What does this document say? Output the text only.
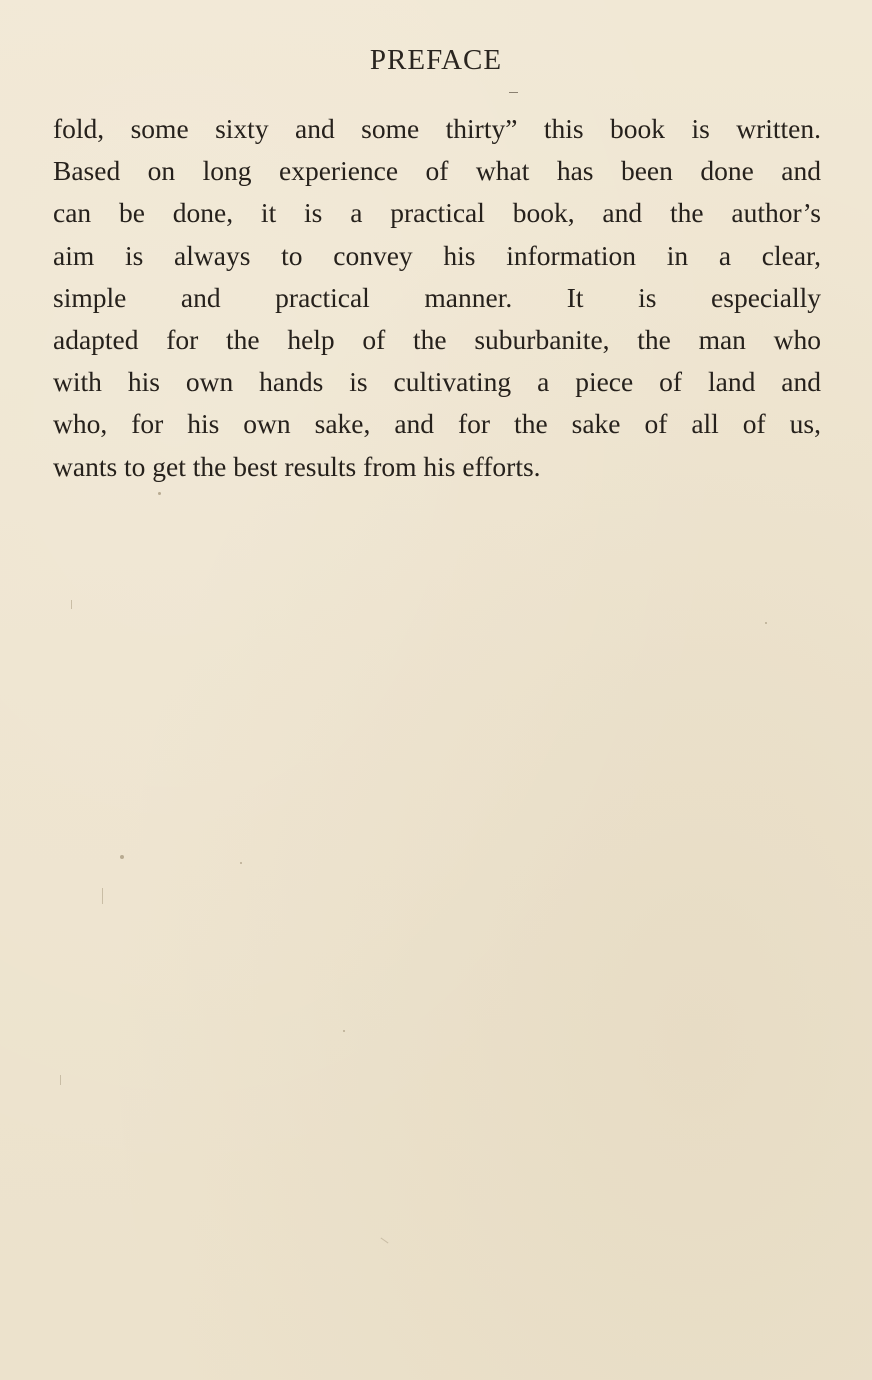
PREFACE
fold, some sixty and some thirty” this book is written.
Based on long experience of what has been done and
can be done, it is a practical book, and the author’s
aim is always to convey his information in a clear,
simple and practical manner. It is especially
adapted for the help of the suburbanite, the man who
with his own hands is cultivating a piece of land and
who, for his own sake, and for the sake of all of us,
wants to get the best results from his efforts.
